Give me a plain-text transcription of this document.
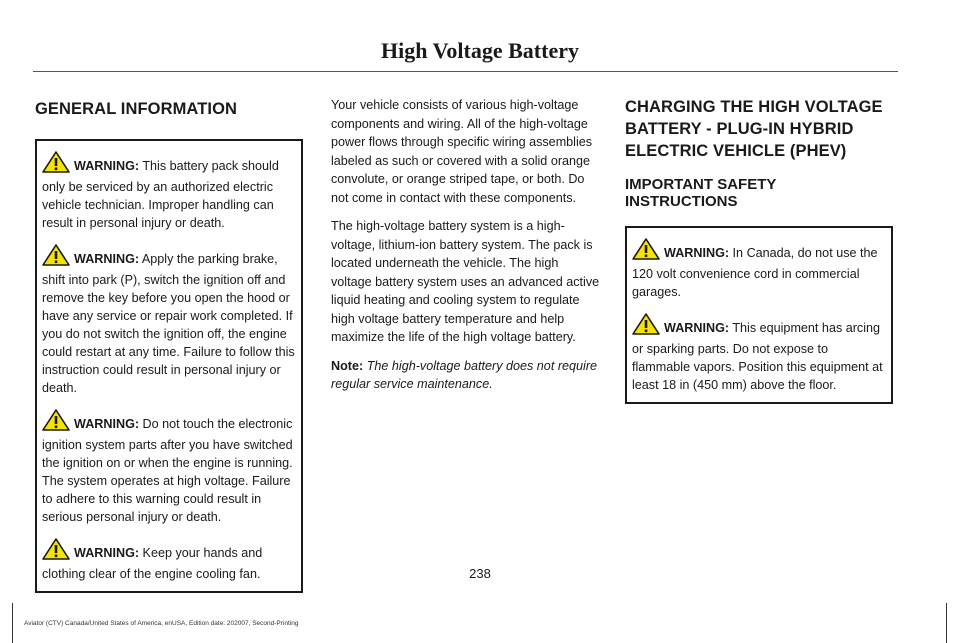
High Voltage Battery
GENERAL INFORMATION

WARNING: This battery pack should only be serviced by an authorized electric vehicle technician. Improper handling can result in personal injury or death.

WARNING: Apply the parking brake, shift into park (P), switch the ignition off and remove the key before you open the hood or have any service or repair work completed. If you do not switch the ignition off, the engine could restart at any time. Failure to follow this instruction could result in personal injury or death.

WARNING: Do not touch the electronic ignition system parts after you have switched the ignition on or when the engine is running. The system operates at high voltage. Failure to adhere to this warning could result in serious personal injury or death.

WARNING: Keep your hands and clothing clear of the engine cooling fan.

Your vehicle consists of various high-voltage components and wiring. All of the high-voltage power flows through specific wiring assemblies labeled as such or covered with a solid orange convolute, or orange striped tape, or both. Do not come in contact with these components.

The high-voltage battery system is a high-voltage, lithium-ion battery system. The pack is located underneath the vehicle. The high voltage battery system uses an advanced active liquid heating and cooling system to regulate high voltage battery temperature and help maximize the life of the high voltage battery.

Note: The high-voltage battery does not require regular service maintenance.

CHARGING THE HIGH VOLTAGE
BATTERY - PLUG-IN HYBRID
ELECTRIC VEHICLE (PHEV)
IMPORTANT SAFETY INSTRUCTIONS

WARNING: In Canada, do not use the 120 volt convenience cord in commercial garages.

WARNING: This equipment has arcing or sparking parts. Do not expose to flammable vapors. Position this equipment at least 18 in (450 mm) above the floor.

238
Aviator (CTV) Canada/United States of America, enUSA, Edition date: 202007, Second-Printing
